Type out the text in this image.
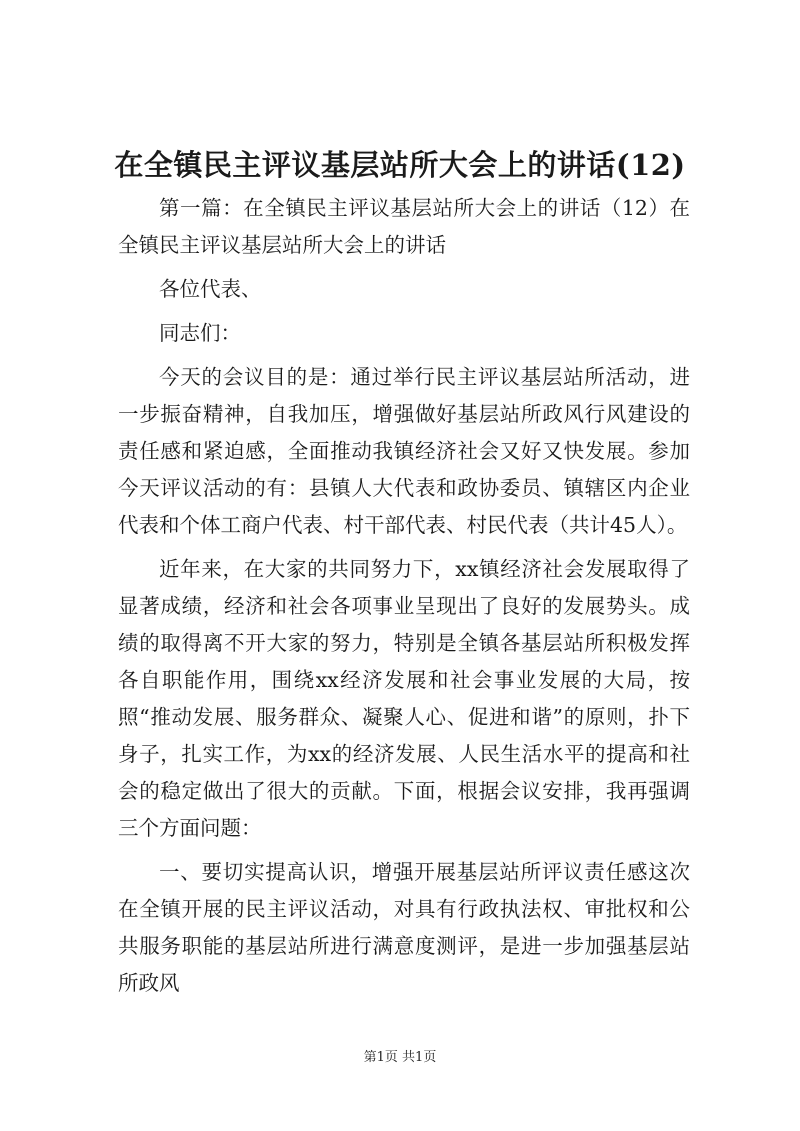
在全镇民主评议基层站所大会上的讲话(12)

第一篇：在全镇民主评议基层站所大会上的讲话（12）在全镇民主评议基层站所大会上的讲话

各位代表、

同志们：

今天的会议目的是：通过举行民主评议基层站所活动，进一步振奋精神，自我加压，增强做好基层站所政风行风建设的责任感和紧迫感，全面推动我镇经济社会又好又快发展。参加今天评议活动的有：县镇人大代表和政协委员、镇辖区内企业代表和个体工商户代表、村干部代表、村民代表（共计45人）。

近年来，在大家的共同努力下，xx镇经济社会发展取得了显著成绩，经济和社会各项事业呈现出了良好的发展势头。成绩的取得离不开大家的努力，特别是全镇各基层站所积极发挥各自职能作用，围绕xx经济发展和社会事业发展的大局，按照“推动发展、服务群众、凝聚人心、促进和谐”的原则，扑下身子，扎实工作，为xx的经济发展、人民生活水平的提高和社会的稳定做出了很大的贡献。下面，根据会议安排，我再强调三个方面问题：

一、要切实提高认识，增强开展基层站所评议责任感这次在全镇开展的民主评议活动，对具有行政执法权、审批权和公共服务职能的基层站所进行满意度测评，是进一步加强基层站所政风

第1页 共1页
